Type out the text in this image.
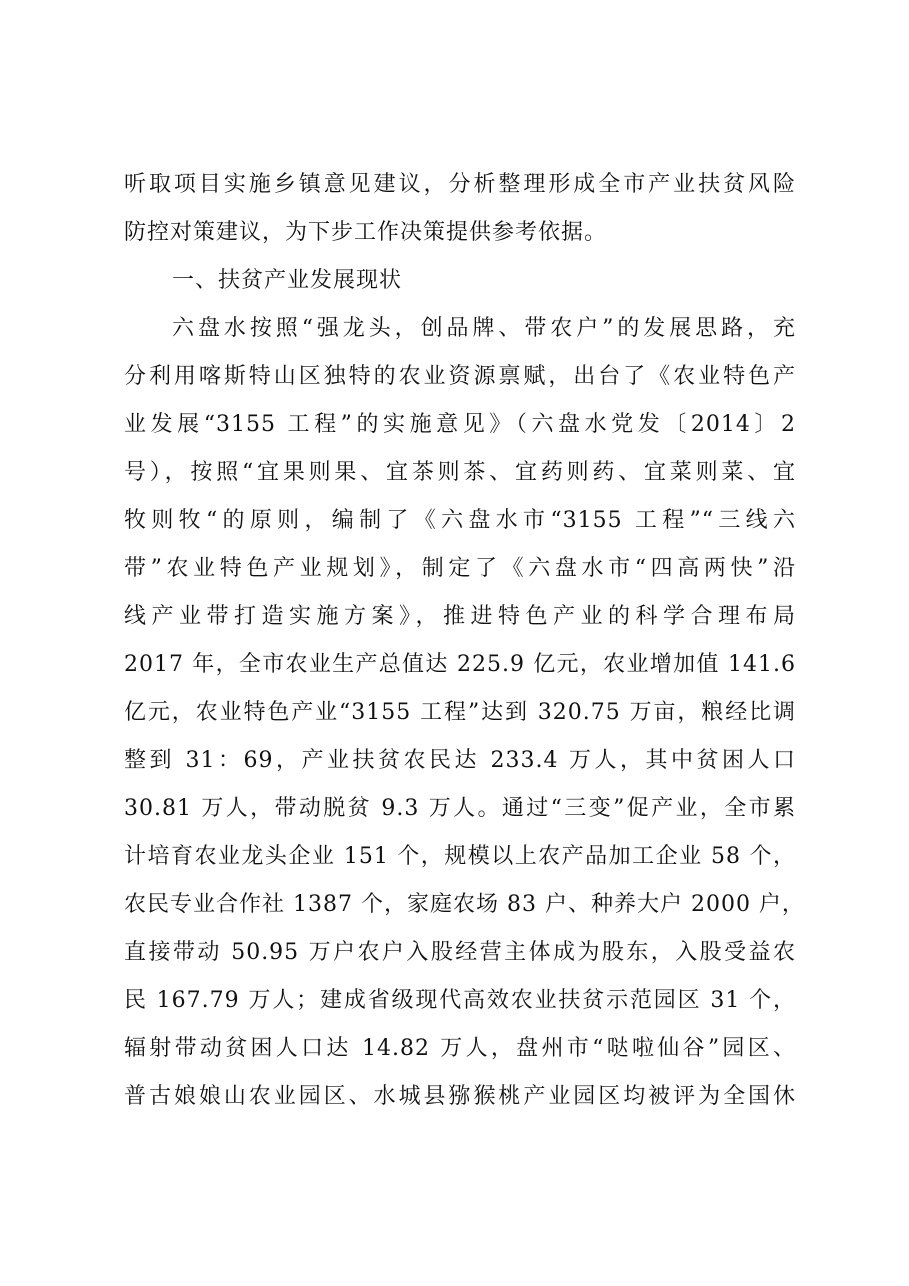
听取项目实施乡镇意见建议，分析整理形成全市产业扶贫风险
防控对策建议，为下步工作决策提供参考依据。
一、扶贫产业发展现状
六盘水按照“强龙头，创品牌、带农户”的发展思路，充
分利用喀斯特山区独特的农业资源禀赋，出台了《农业特色产
业发展“3155 工程”的实施意见》（六盘水党发〔2014〕2
号），按照“宜果则果、宜茶则茶、宜药则药、宜菜则菜、宜
牧则牧“的原则，编制了《六盘水市“3155 工程”“三线六
带”农业特色产业规划》，制定了《六盘水市“四高两快”沿
线产业带打造实施方案》，推进特色产业的科学合理布局
2017 年，全市农业生产总值达 225.9 亿元，农业增加值 141.6
亿元，农业特色产业“3155 工程”达到 320.75 万亩，粮经比调
整到 31：69，产业扶贫农民达 233.4 万人，其中贫困人口
30.81 万人，带动脱贫 9.3 万人。通过“三变”促产业，全市累
计培育农业龙头企业 151 个，规模以上农产品加工企业 58 个，
农民专业合作社 1387 个，家庭农场 83 户、种养大户 2000 户，
直接带动 50.95 万户农户入股经营主体成为股东，入股受益农
民 167.79 万人；建成省级现代高效农业扶贫示范园区 31 个，
辐射带动贫困人口达 14.82 万人，盘州市“哒啦仙谷”园区、
普古娘娘山农业园区、水城县猕猴桃产业园区均被评为全国休
